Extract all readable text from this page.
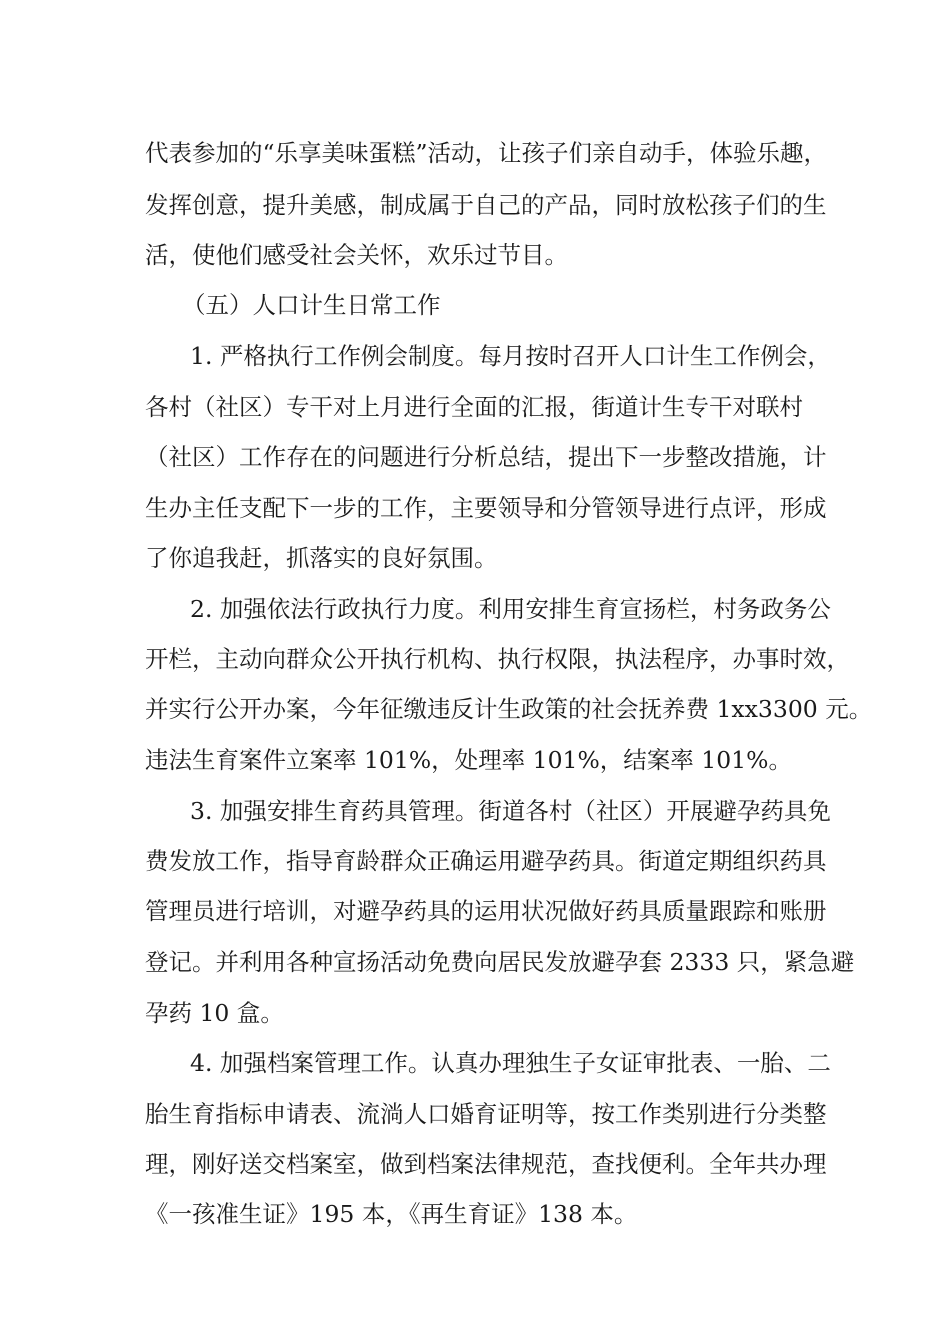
代表参加的“乐享美味蛋糕”活动，让孩子们亲自动手，体验乐趣，
发挥创意，提升美感，制成属于自己的产品，同时放松孩子们的生
活，使他们感受社会关怀，欢乐过节目。
（五）人口计生日常工作
1. 严格执行工作例会制度。每月按时召开人口计生工作例会，
各村（社区）专干对上月进行全面的汇报，街道计生专干对联村
（社区）工作存在的问题进行分析总结，提出下一步整改措施，计
生办主任支配下一步的工作，主要领导和分管领导进行点评，形成
了你追我赶，抓落实的良好氛围。
2. 加强依法行政执行力度。利用安排生育宣扬栏，村务政务公
开栏，主动向群众公开执行机构、执行权限，执法程序，办事时效，
并实行公开办案，今年征缴违反计生政策的社会抚养费 1xx3300 元。
违法生育案件立案率 101%，处理率 101%，结案率 101%。
3. 加强安排生育药具管理。街道各村（社区）开展避孕药具免
费发放工作，指导育龄群众正确运用避孕药具。街道定期组织药具
管理员进行培训，对避孕药具的运用状况做好药具质量跟踪和账册
登记。并利用各种宣扬活动免费向居民发放避孕套 2333 只，紧急避
孕药 10 盒。
4. 加强档案管理工作。认真办理独生子女证审批表、一胎、二
胎生育指标申请表、流淌人口婚育证明等，按工作类别进行分类整
理，刚好送交档案室，做到档案法律规范，查找便利。全年共办理
《一孩准生证》195 本，《再生育证》138 本。
